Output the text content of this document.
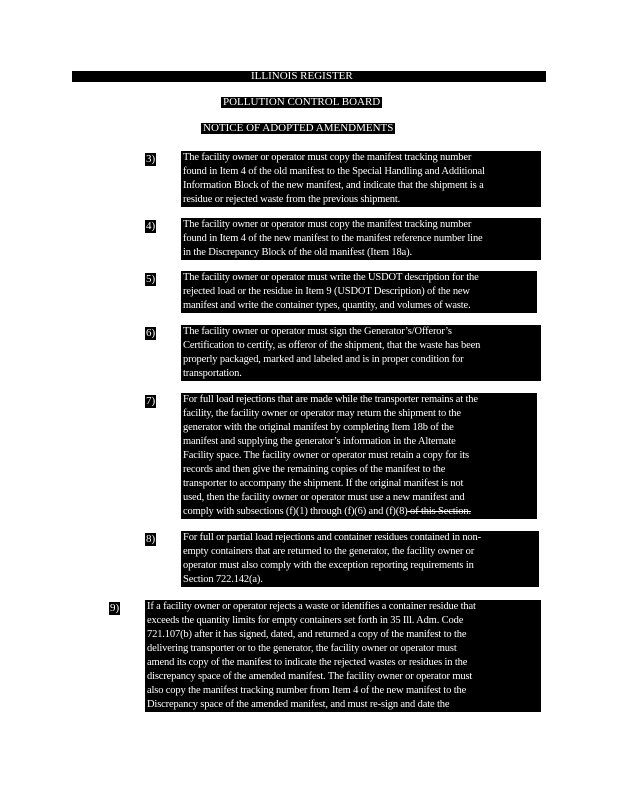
ILLINOIS REGISTER
POLLUTION CONTROL BOARD
NOTICE OF ADOPTED AMENDMENTS
3)	The facility owner or operator must copy the manifest tracking number
found in Item 4 of the old manifest to the Special Handling and Additional
Information Block of the new manifest, and indicate that the shipment is a
residue or rejected waste from the previous shipment.
4)	The facility owner or operator must copy the manifest tracking number
found in Item 4 of the new manifest to the manifest reference number line
in the Discrepancy Block of the old manifest (Item 18a).
5)	The facility owner or operator must write the USDOT description for the
rejected load or the residue in Item 9 (USDOT Description) of the new
manifest and write the container types, quantity, and volumes of waste.
6)	The facility owner or operator must sign the Generator’s/Offeror’s
Certification to certify, as offeror of the shipment, that the waste has been
properly packaged, marked and labeled and is in proper condition for
transportation.
7)	For full load rejections that are made while the transporter remains at the
facility, the facility owner or operator may return the shipment to the
generator with the original manifest by completing Item 18b of the
manifest and supplying the generator’s information in the Alternate
Facility space. The facility owner or operator must retain a copy for its
records and then give the remaining copies of the manifest to the
transporter to accompany the shipment. If the original manifest is not
used, then the facility owner or operator must use a new manifest and
comply with subsections (f)(1) through (f)(6) and (f)(8) of this Section.
8)	For full or partial load rejections and container residues contained in non-
empty containers that are returned to the generator, the facility owner or
operator must also comply with the exception reporting requirements in
Section 722.142(a).
9)	If a facility owner or operator rejects a waste or identifies a container residue that
exceeds the quantity limits for empty containers set forth in 35 Ill. Adm. Code
721.107(b) after it has signed, dated, and returned a copy of the manifest to the
delivering transporter or to the generator, the facility owner or operator must
amend its copy of the manifest to indicate the rejected wastes or residues in the
discrepancy space of the amended manifest. The facility owner or operator must
also copy the manifest tracking number from Item 4 of the new manifest to the
Discrepancy space of the amended manifest, and must re-sign and date the
